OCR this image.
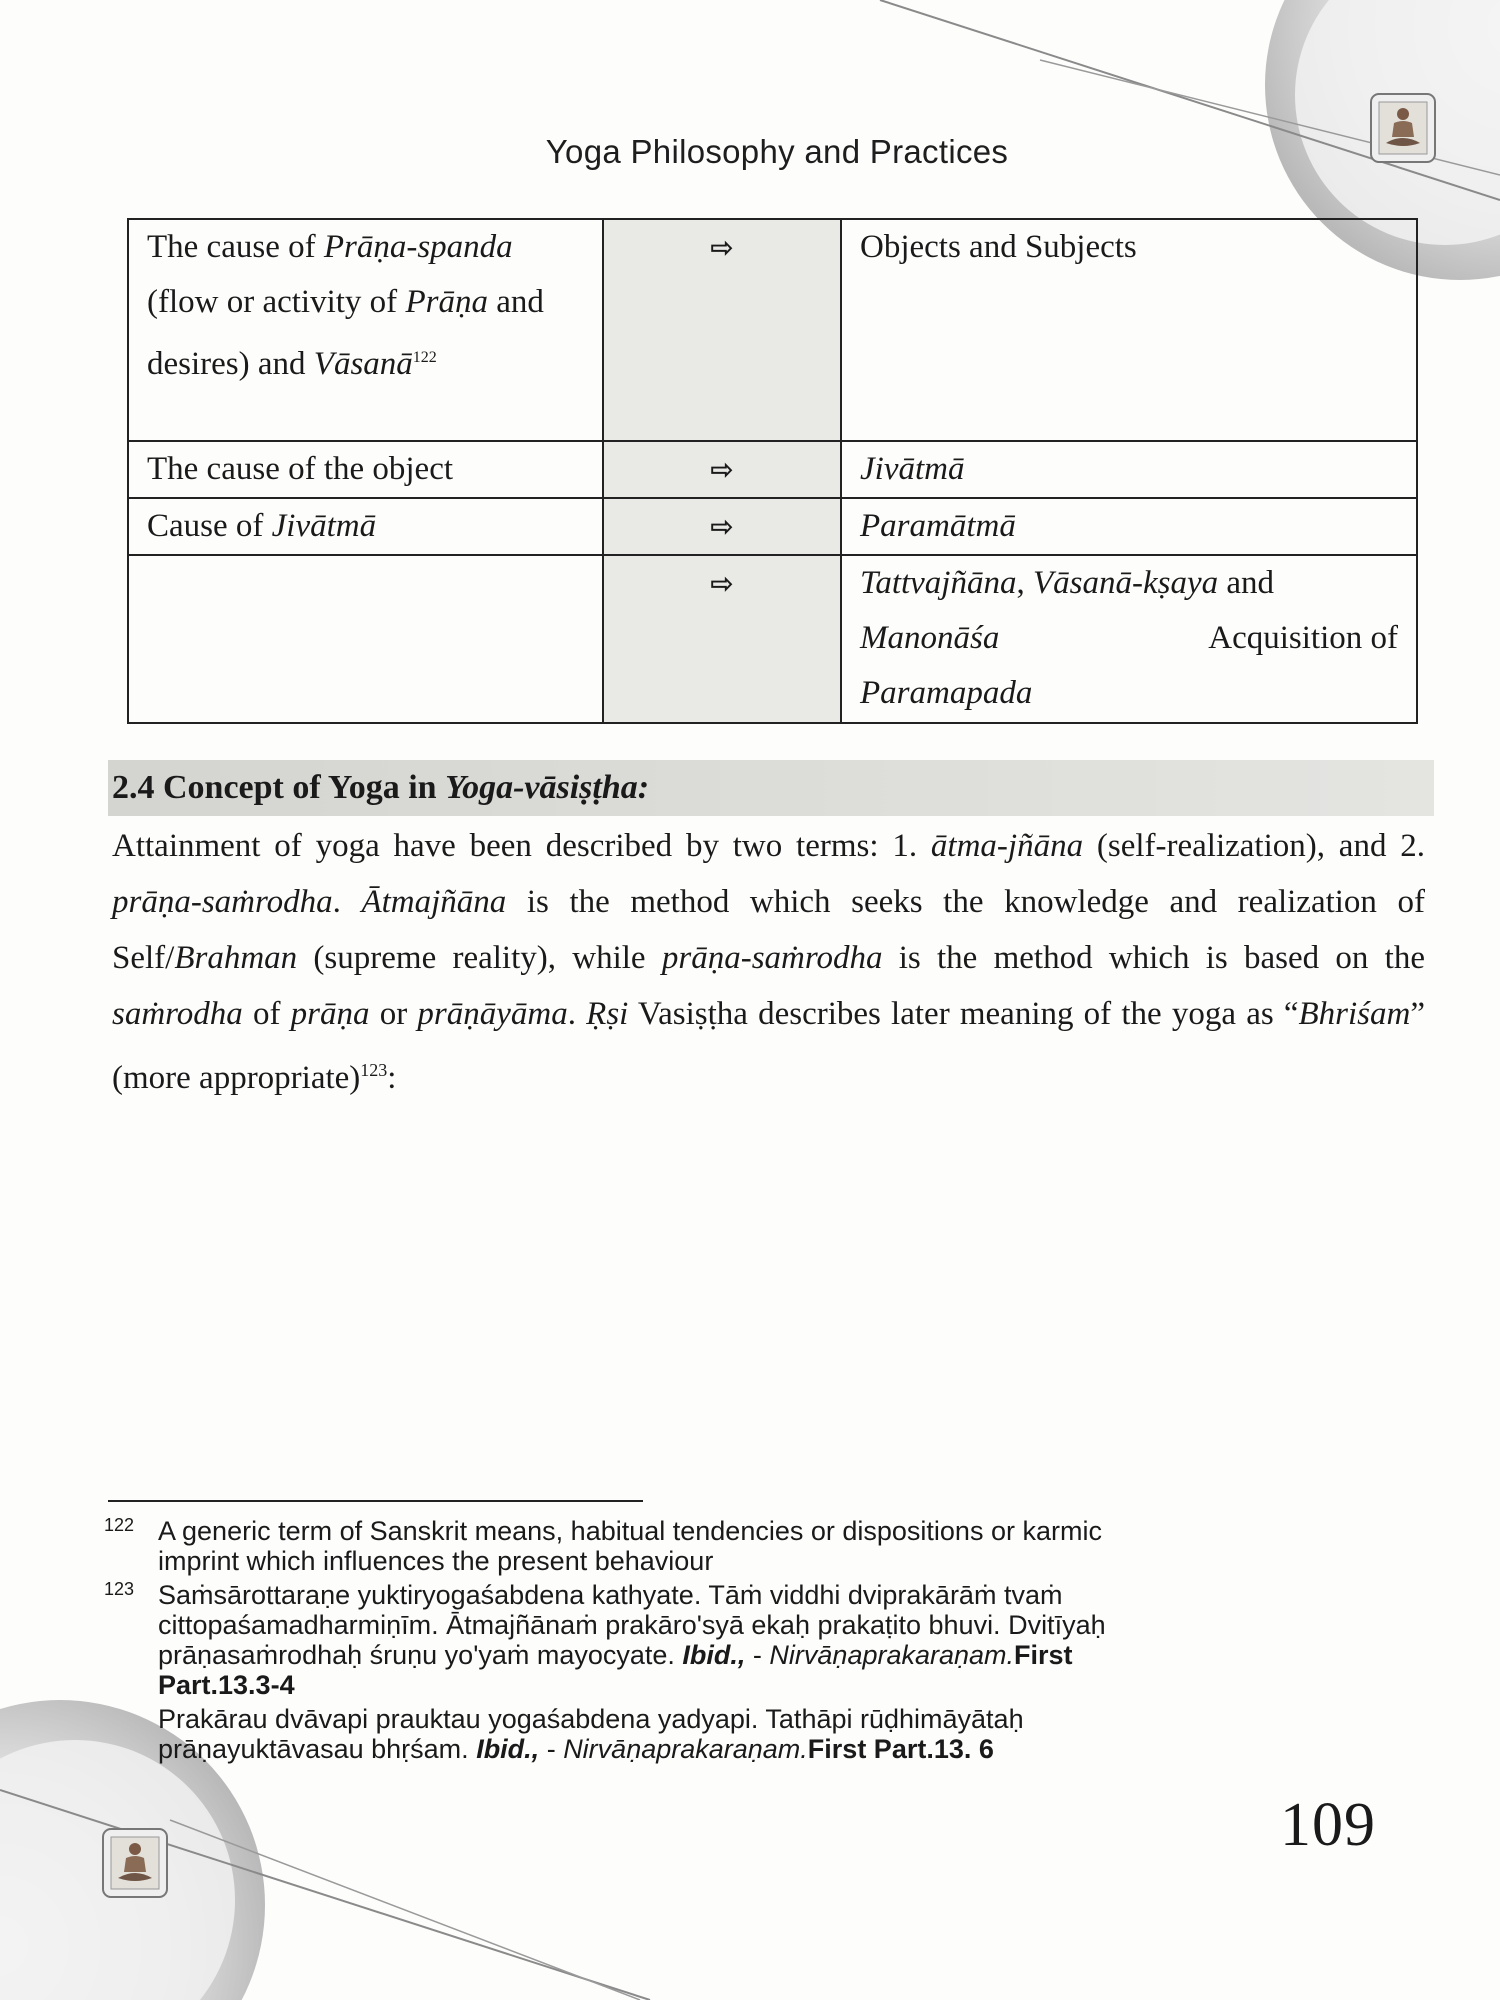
Yoga Philosophy and Practices
The cause of Prāṇa-spanda (flow or activity of Prāṇa and desires) and Vāsanā$^{122}$	⇨	Objects and Subjects
The cause of the object	⇨	Jivātmā
Cause of Jivātmā	⇨	Paramātmā
	⇨	Tattvajñāna, Vāsanā-kṣaya and
Manonāśa Acquisition of
Paramapada
2.4 Concept of Yoga in Yoga-vāsiṣṭha:

Attainment of yoga have been described by two terms: 1. ātma-jñāna (self-realization), and 2. prāṇa-saṁrodha. Ātmajñāna is the method which seeks the knowledge and realization of Self/Brahman (supreme reality), while prāṇa-saṁrodha is the method which is based on the saṁrodha of prāṇa or prāṇāyāma. Ṛṣi Vasiṣṭha describes later meaning of the yoga as “Bhriśam” (more appropriate)$^{123}$:

122 A generic term of Sanskrit means, habitual tendencies or dispositions or karmic
imprint which influences the present behaviour
123 Saṁsārottaraṇe yuktiryogaśabdena kathyate. Tāṁ viddhi dviprakārāṁ tvaṁ
cittopaśamadharmiṇīm. Ātmajñānaṁ prakāro'syā ekaḥ prakaṭito bhuvi. Dvitīyaḥ
prāṇasaṁrodhaḥ śruṇu yo'yaṁ mayocyate. Ibid., - Nirvāṇaprakaraṇam.First
Part.13.3-4
Prakārau dvāvapi prauktau yogaśabdena yadyapi. Tathāpi rūḍhimāyātaḥ
prāṇayuktāvasau bhṛśam. Ibid., - Nirvāṇaprakaraṇam.First Part.13. 6
109
